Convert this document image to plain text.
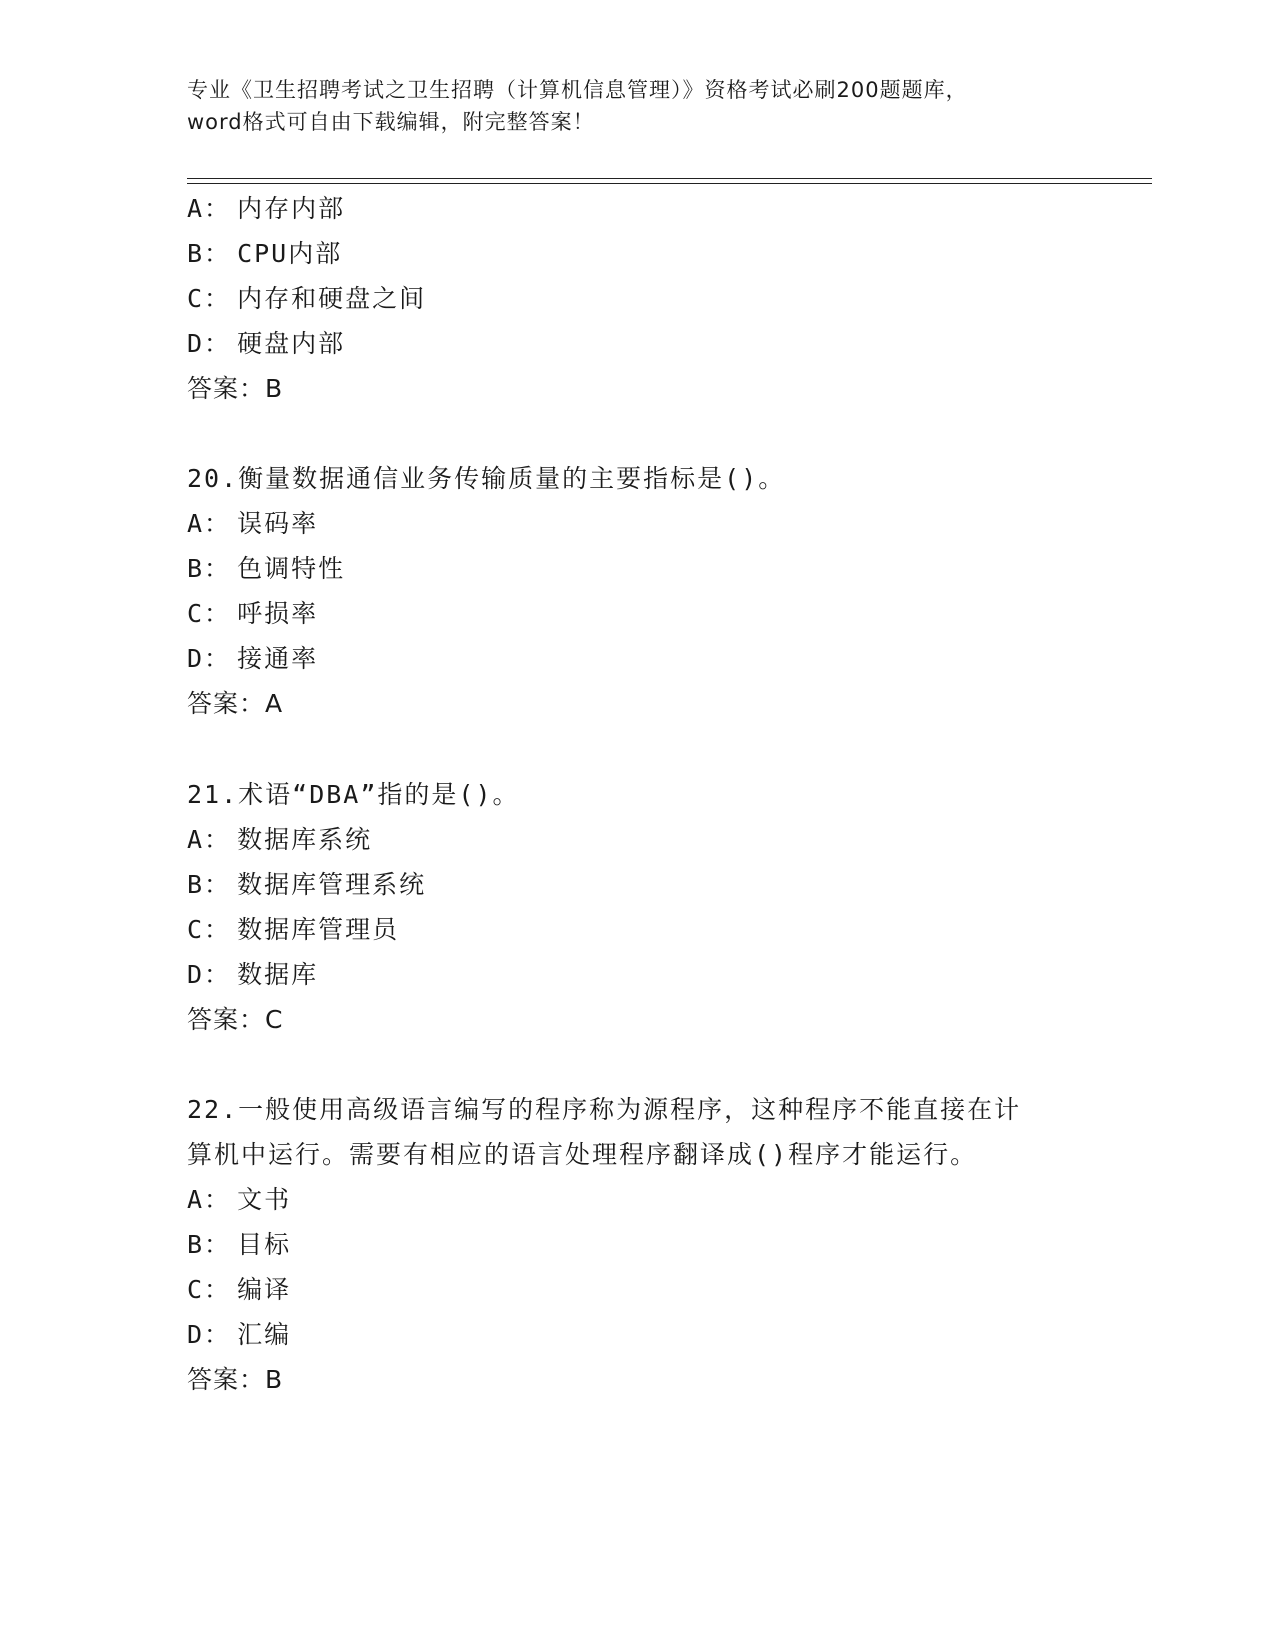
专业《卫生招聘考试之卫生招聘（计算机信息管理）》资格考试必刷200题题库，
word格式可自由下载编辑，附完整答案！
A： 内存内部
B： CPU内部
C： 内存和硬盘之间
D： 硬盘内部
答案：B
20.衡量数据通信业务传输质量的主要指标是()。
A： 误码率
B： 色调特性
C： 呼损率
D： 接通率
答案：A
21.术语“DBA”指的是()。
A： 数据库系统
B： 数据库管理系统
C： 数据库管理员
D： 数据库
答案：C
22.一般使用高级语言编写的程序称为源程序，这种程序不能直接在计
算机中运行。需要有相应的语言处理程序翻译成()程序才能运行。
A： 文书
B： 目标
C： 编译
D： 汇编
答案：B
